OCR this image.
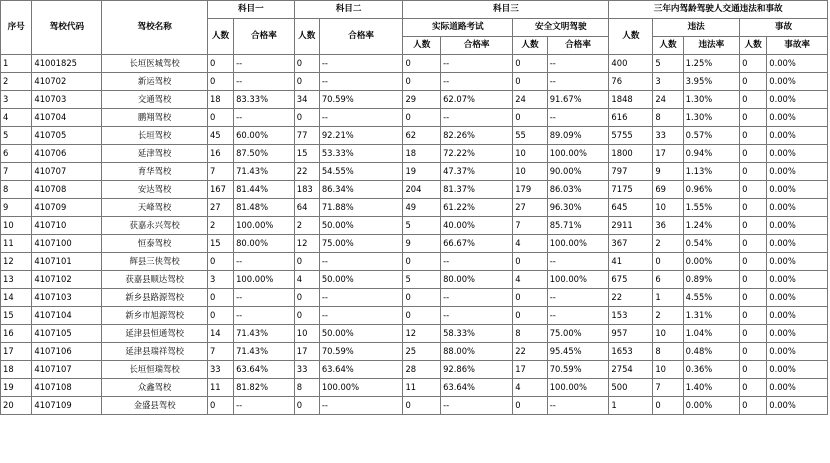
序号	驾校代码	驾校名称	科目一		科目二		科目三				三年内驾龄驾驶人交通违法和事故				
			人数	合格率	人数	合格率	实际道路考试		安全文明驾驶		人数	违法		事故	
							人数	合格率	人数	合格率		人数	违法率	人数	事故率
1	41001825	长垣医城驾校	0	--	0	--	0	--	0	--	400	5	1.25%	0	0.00%
2	410702	新运驾校	0	--	0	--	0	--	0	--	76	3	3.95%	0	0.00%
3	410703	交通驾校	18	83.33%	34	70.59%	29	62.07%	24	91.67%	1848	24	1.30%	0	0.00%
4	410704	鹏翔驾校	0	--	0	--	0	--	0	--	616	8	1.30%	0	0.00%
5	410705	长垣驾校	45	60.00%	77	92.21%	62	82.26%	55	89.09%	5755	33	0.57%	0	0.00%
6	410706	延津驾校	16	87.50%	15	53.33%	18	72.22%	10	100.00%	1800	17	0.94%	0	0.00%
7	410707	育华驾校	7	71.43%	22	54.55%	19	47.37%	10	90.00%	797	9	1.13%	0	0.00%
8	410708	安达驾校	167	81.44%	183	86.34%	204	81.37%	179	86.03%	7175	69	0.96%	0	0.00%
9	410709	天峰驾校	27	81.48%	64	71.88%	49	61.22%	27	96.30%	645	10	1.55%	0	0.00%
10	410710	获嘉永兴驾校	2	100.00%	2	50.00%	5	40.00%	7	85.71%	2911	36	1.24%	0	0.00%
11	4107100	恒泰驾校	15	80.00%	12	75.00%	9	66.67%	4	100.00%	367	2	0.54%	0	0.00%
12	4107101	辉县三侠驾校	0	--	0	--	0	--	0	--	41	0	0.00%	0	0.00%
13	4107102	获嘉县顺达驾校	3	100.00%	4	50.00%	5	80.00%	4	100.00%	675	6	0.89%	0	0.00%
14	4107103	新乡县路源驾校	0	--	0	--	0	--	0	--	22	1	4.55%	0	0.00%
15	4107104	新乡市旭源驾校	0	--	0	--	0	--	0	--	153	2	1.31%	0	0.00%
16	4107105	延津县恒通驾校	14	71.43%	10	50.00%	12	58.33%	8	75.00%	957	10	1.04%	0	0.00%
17	4107106	延津县瑞祥驾校	7	71.43%	17	70.59%	25	88.00%	22	95.45%	1653	8	0.48%	0	0.00%
18	4107107	长垣恒瑞驾校	33	63.64%	33	63.64%	28	92.86%	17	70.59%	2754	10	0.36%	0	0.00%
19	4107108	众鑫驾校	11	81.82%	8	100.00%	11	63.64%	4	100.00%	500	7	1.40%	0	0.00%
20	4107109	金盛县驾校	0	--	0	--	0	--	0	--	1	0	0.00%	0	0.00%
